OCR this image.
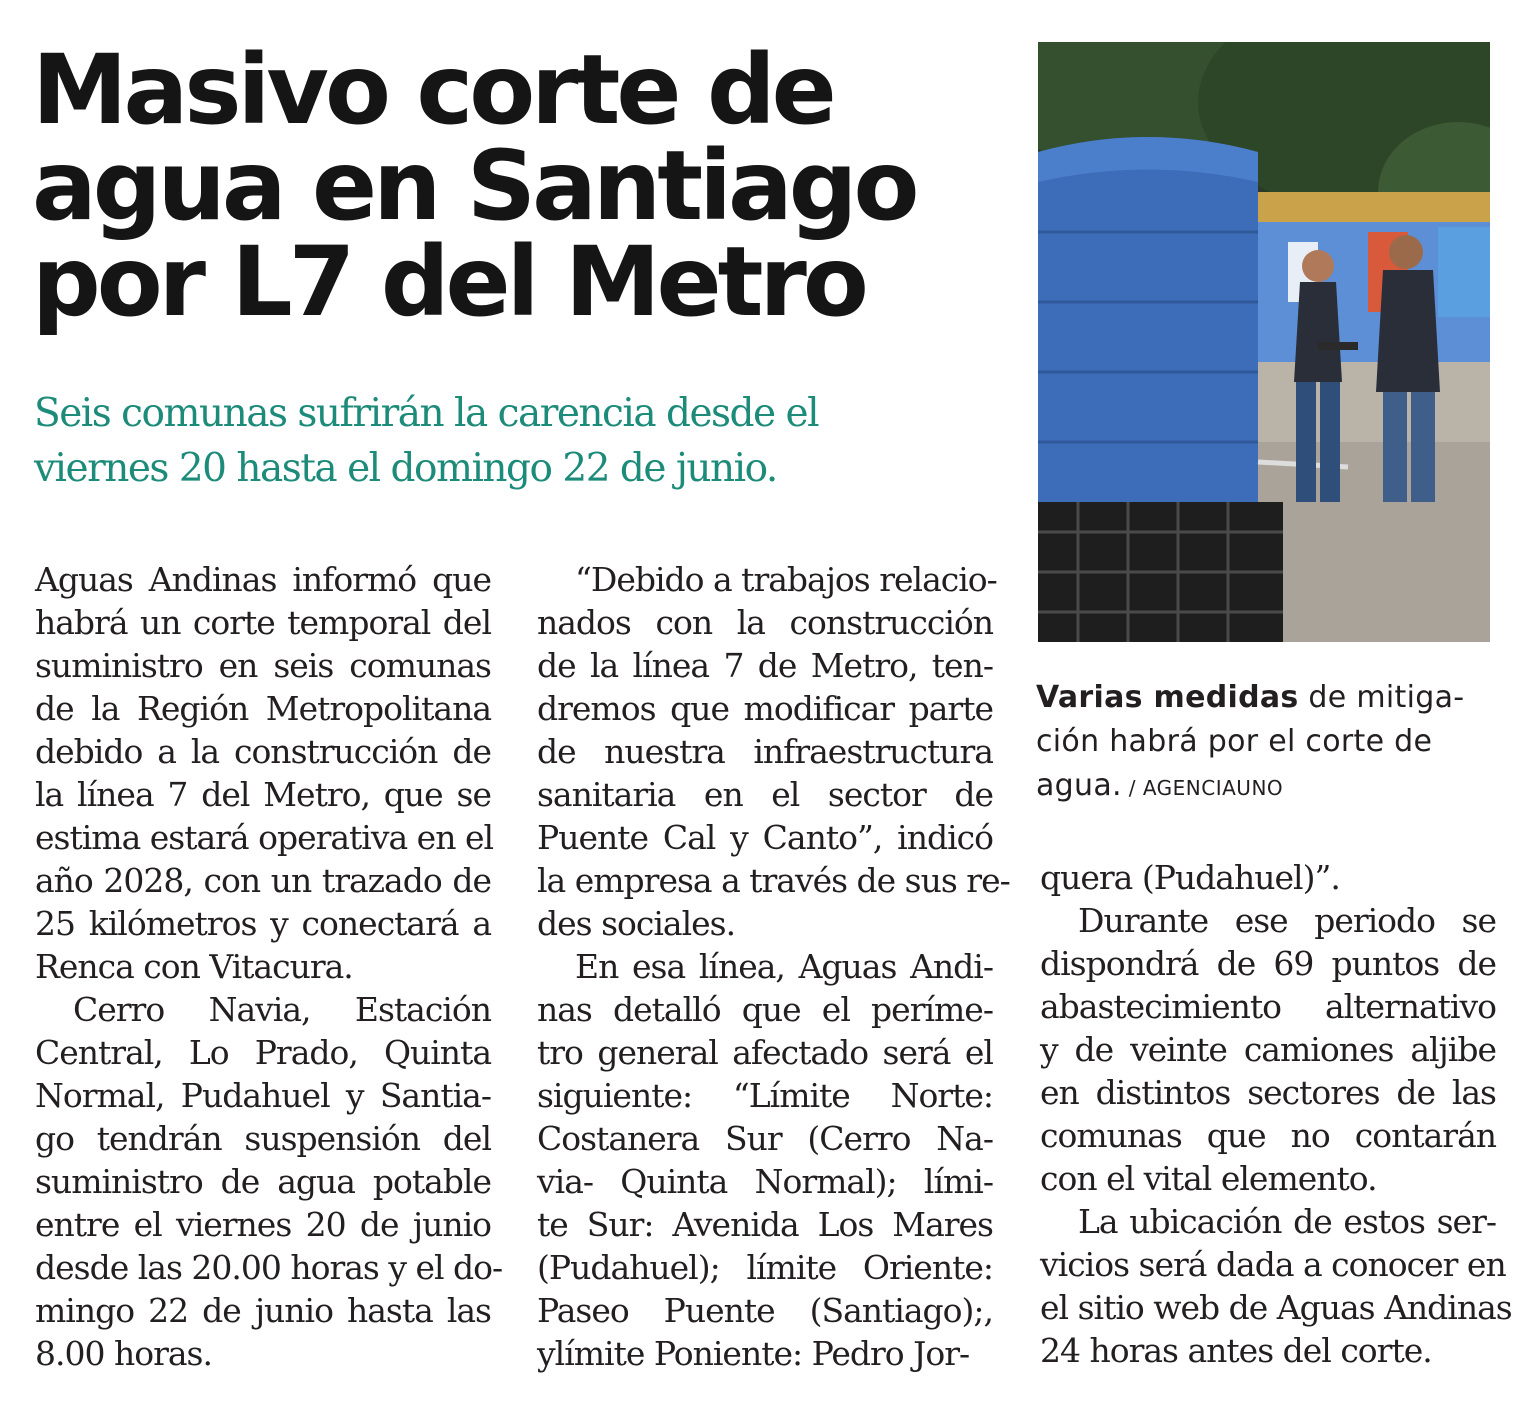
Masivo corte de
agua en Santiago
por L7 del Metro
Seis comunas sufrirán la carencia desde el
viernes 20 hasta el domingo 22 de junio.
Varias medidas de mitiga-
ción habrá por el corte de
agua. / AGENCIAUNO

Aguas Andinas informó que
habrá un corte temporal del
suministro en seis comunas
de la Región Metropolitana
debido a la construcción de
la línea 7 del Metro, que se
estima estará operativa en el
año 2028, con un trazado de
25 kilómetros y conectará a
Renca con Vitacura.

Cerro Navia, Estación
Central, Lo Prado, Quinta
Normal, Pudahuel y Santia-
go tendrán suspensión del
suministro de agua potable
entre el viernes 20 de junio
desde las 20.00 horas y el do-
mingo 22 de junio hasta las
8.00 horas.

“Debido a trabajos relacio-
nados con la construcción
de la línea 7 de Metro, ten-
dremos que modificar parte
de nuestra infraestructura
sanitaria en el sector de
Puente Cal y Canto”, indicó
la empresa a través de sus re-
des sociales.

En esa línea, Aguas Andi-
nas detalló que el períme-
tro general afectado será el
siguiente: “Límite Norte:
Costanera Sur (Cerro Na-
via- Quinta Normal); lími-
te Sur: Avenida Los Mares
(Pudahuel); límite Oriente:
Paseo Puente (Santiago);,
ylímite Poniente: Pedro Jor-

quera (Pudahuel)”.

Durante ese periodo se
dispondrá de 69 puntos de
abastecimiento alternativo
y de veinte camiones aljibe
en distintos sectores de las
comunas que no contarán
con el vital elemento.

La ubicación de estos ser-
vicios será dada a conocer en
el sitio web de Aguas Andinas
24 horas antes del corte.
